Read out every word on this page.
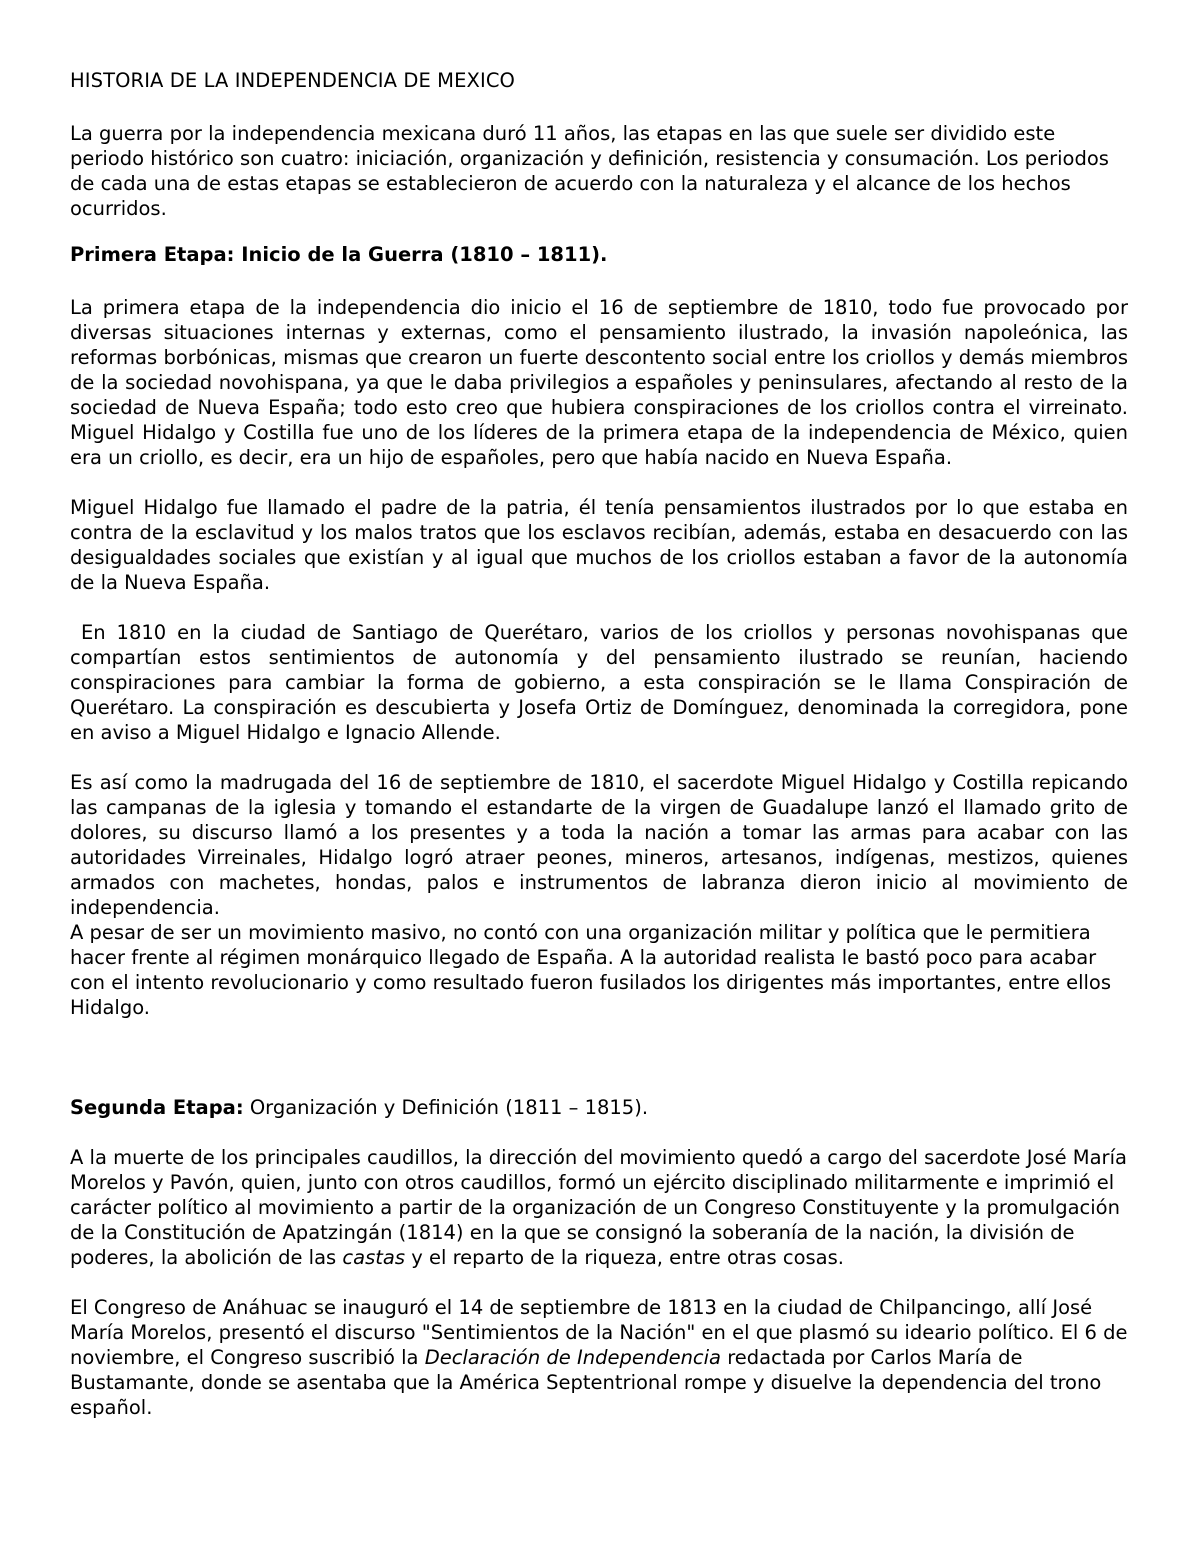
HISTORIA DE LA INDEPENDENCIA DE MEXICO

La guerra por la independencia mexicana duró 11 años, las etapas en las que suele ser dividido este periodo histórico son cuatro: iniciación, organización y definición, resistencia y consumación. Los periodos de cada una de estas etapas se establecieron de acuerdo con la naturaleza y el alcance de los hechos ocurridos.

Primera Etapa: Inicio de la Guerra (1810 – 1811).

La primera etapa de la independencia dio inicio el 16 de septiembre de 1810, todo fue provocado por diversas situaciones internas y externas, como el pensamiento ilustrado, la invasión napoleónica, las reformas borbónicas, mismas que crearon un fuerte descontento social entre los criollos y demás miembros de la sociedad novohispana, ya que le daba privilegios a españoles y peninsulares, afectando al resto de la sociedad de Nueva España; todo esto creo que hubiera conspiraciones de los criollos contra el virreinato. Miguel Hidalgo y Costilla fue uno de los líderes de la primera etapa de la independencia de México, quien era un criollo, es decir, era un hijo de españoles, pero que había nacido en Nueva España.

Miguel Hidalgo fue llamado el padre de la patria, él tenía pensamientos ilustrados por lo que estaba en contra de la esclavitud y los malos tratos que los esclavos recibían, además, estaba en desacuerdo con las desigualdades sociales que existían y al igual que muchos de los criollos estaban a favor de la autonomía de la Nueva España.

En 1810 en la ciudad de Santiago de Querétaro, varios de los criollos y personas novohispanas que compartían estos sentimientos de autonomía y del pensamiento ilustrado se reunían, haciendo conspiraciones para cambiar la forma de gobierno, a esta conspiración se le llama Conspiración de Querétaro. La conspiración es descubierta y Josefa Ortiz de Domínguez, denominada la corregidora, pone en aviso a Miguel Hidalgo e Ignacio Allende.

Es así como la madrugada del 16 de septiembre de 1810, el sacerdote Miguel Hidalgo y Costilla repicando las campanas de la iglesia y tomando el estandarte de la virgen de Guadalupe lanzó el llamado grito de dolores, su discurso llamó a los presentes y a toda la nación a tomar las armas para acabar con las autoridades Virreinales, Hidalgo logró atraer peones, mineros, artesanos, indígenas, mestizos, quienes armados con machetes, hondas, palos e instrumentos de labranza dieron inicio al movimiento de independencia.

A pesar de ser un movimiento masivo, no contó con una organización militar y política que le permitiera hacer frente al régimen monárquico llegado de España. A la autoridad realista le bastó poco para acabar con el intento revolucionario y como resultado fueron fusilados los dirigentes más importantes, entre ellos Hidalgo.

Segunda Etapa: Organización y Definición (1811 – 1815).

A la muerte de los principales caudillos, la dirección del movimiento quedó a cargo del sacerdote José María Morelos y Pavón, quien, junto con otros caudillos, formó un ejército disciplinado militarmente e imprimió el carácter político al movimiento a partir de la organización de un Congreso Constituyente y la promulgación de la Constitución de Apatzingán (1814) en la que se consignó la soberanía de la nación, la división de poderes, la abolición de las castas y el reparto de la riqueza, entre otras cosas.

El Congreso de Anáhuac se inauguró el 14 de septiembre de 1813 en la ciudad de Chilpancingo, allí José María Morelos, presentó el discurso "Sentimientos de la Nación" en el que plasmó su ideario político. El 6 de noviembre, el Congreso suscribió la Declaración de Independencia redactada por Carlos María de Bustamante, donde se asentaba que la América Septentrional rompe y disuelve la dependencia del trono español.
